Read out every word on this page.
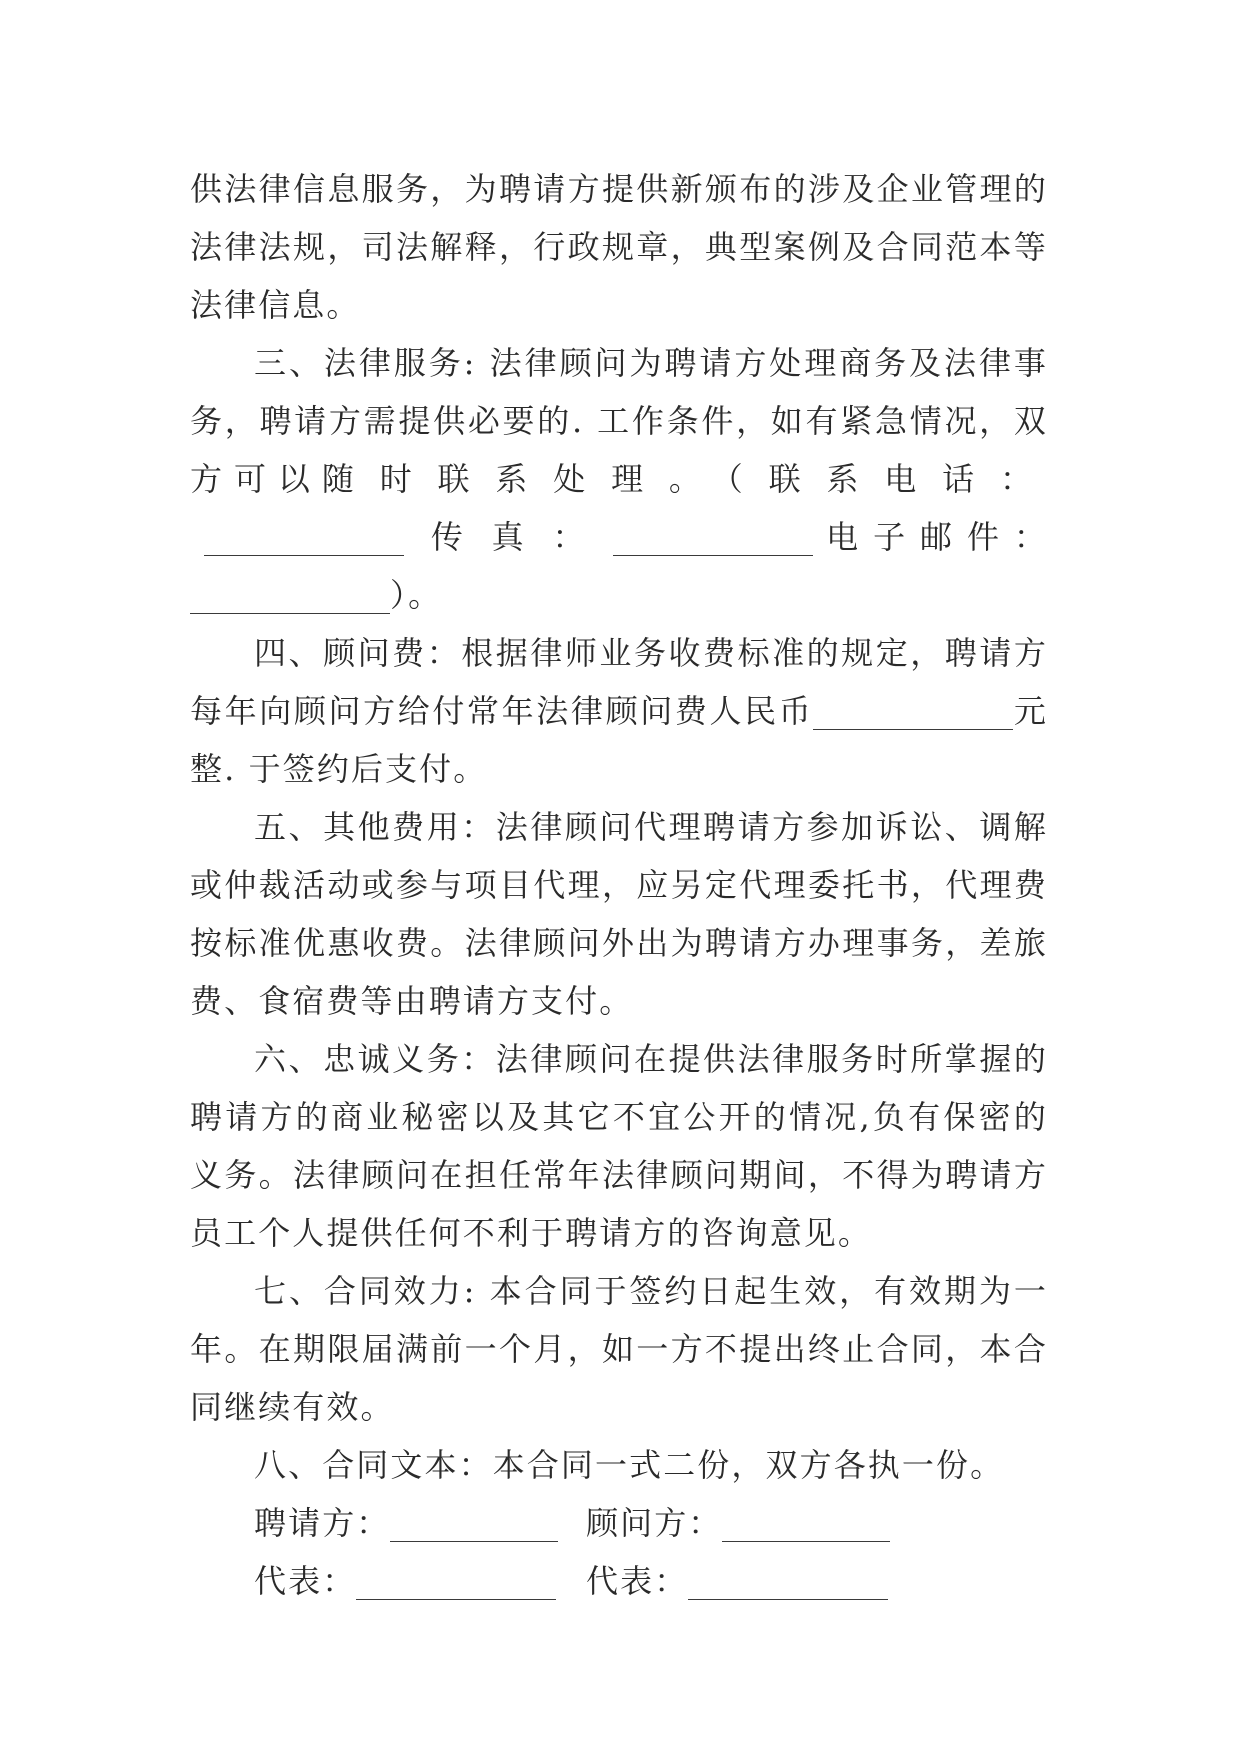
供法律信息服务，为聘请方提供新颁布的涉及企业管理的法律法规，司法解释，行政规章，典型案例及合同范本等法律信息。

三、法律服务: 法律顾问为聘请方处理商务及法律事务，聘请方需提供必要的. 工作条件，如有紧急情况，双方可以随时联系处理。（联系电话：传真：	电子邮件：）。

四、顾问费：根据律师业务收费标准的规定，聘请方每年向顾问方给付常年法律顾问费人民币	元整. 于签约后支付。

五、其他费用：法律顾问代理聘请方参加诉讼、调解或仲裁活动或参与项目代理，应另定代理委托书，代理费按标准优惠收费。法律顾问外出为聘请方办理事务，差旅费、食宿费等由聘请方支付。

六、忠诚义务：法律顾问在提供法律服务时所掌握的聘请方的商业秘密以及其它不宜公开的情况,负有保密的义务。法律顾问在担任常年法律顾问期间，不得为聘请方员工个人提供任何不利于聘请方的咨询意见。

七、合同效力: 本合同于签约日起生效，有效期为一年。在期限届满前一个月，如一方不提出终止合同，本合同继续有效。

八、合同文本：本合同一式二份，双方各执一份。

聘请方：	顾问方：
代表：	代表：
